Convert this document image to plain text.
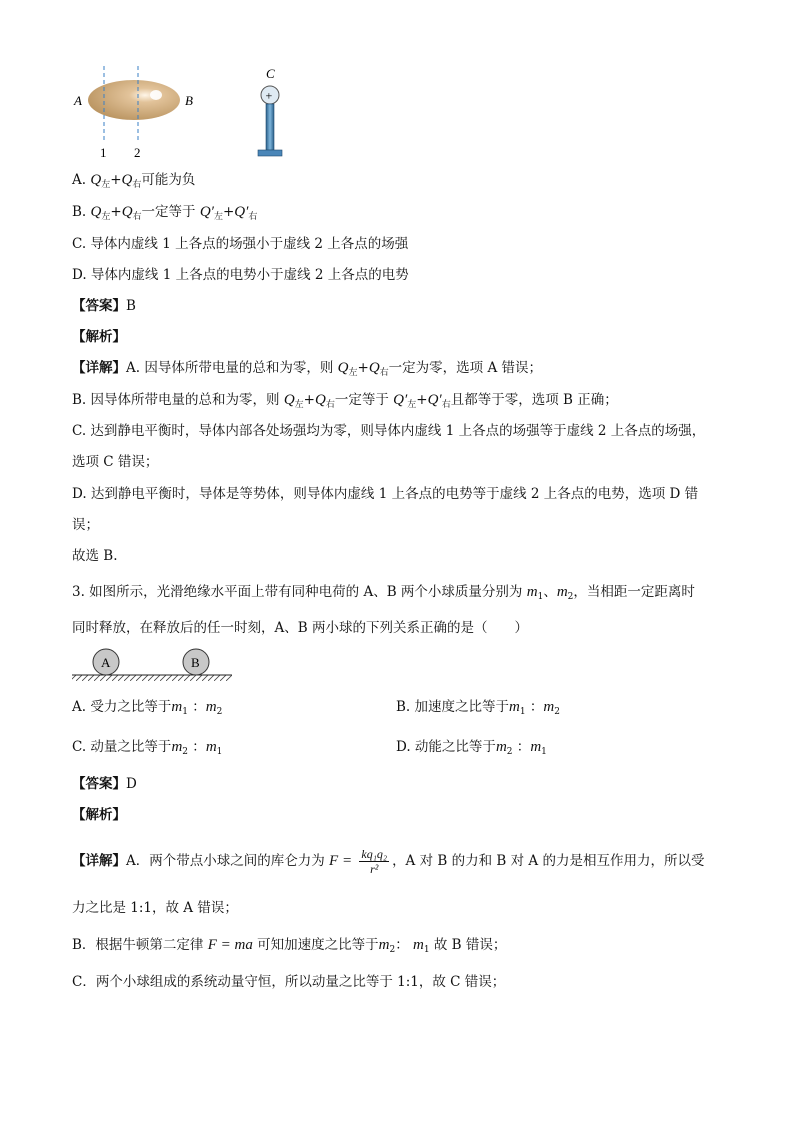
A	B
1 2
C
+
A. $Q_左+Q_右$可能为负
B. $Q_左+Q_右$一定等于 $Q'_左+Q'_右$
C. 导体内虚线 1 上各点的场强小于虚线 2 上各点的场强
D. 导体内虚线 1 上各点的电势小于虚线 2 上各点的电势
【答案】B
【解析】
【详解】A. 因导体所带电量的总和为零，则 $Q_左+Q_右$一定为零，选项 A 错误；
B. 因导体所带电量的总和为零，则 $Q_左+Q_右$一定等于 $Q'_左+Q'_右$且都等于零，选项 B 正确；
C. 达到静电平衡时，导体内部各处场强均为零，则导体内虚线 1 上各点的场强等于虚线 2 上各点的场强，
选项 C 错误；
D. 达到静电平衡时，导体是等势体，则导体内虚线 1 上各点的电势等于虚线 2 上各点的电势，选项 D 错
误；
故选 B.
3. 如图所示，光滑绝缘水平面上带有同种电荷的 A、B 两个小球质量分别为 $m_1$、$m_2$，当相距一定距离时
同时释放，在释放后的任一时刻，A、B 两小球的下列关系正确的是（　　）
A	B
A. 受力之比等于$m_1$ ：$m_2$	B. 加速度之比等于$m_1$ ：$m_2$
C. 动量之比等于$m_2$ ：$m_1$	D. 动能之比等于$m_2$ ：$m_1$
【答案】D
【解析】
【详解】A．两个带点小球之间的库仑力为 $F = \frac{\text{kq₁q₂}}{\text{r²}}$ ，A 对 B 的力和 B 对 A 的力是相互作用力，所以受
力之比是 1:1，故 A 错误；
B．根据牛顿第二定律 F = ma 可知加速度之比等于$m_2$： $m_1$ 故 B 错误；
C．两个小球组成的系统动量守恒，所以动量之比等于 1:1，故 C 错误；
